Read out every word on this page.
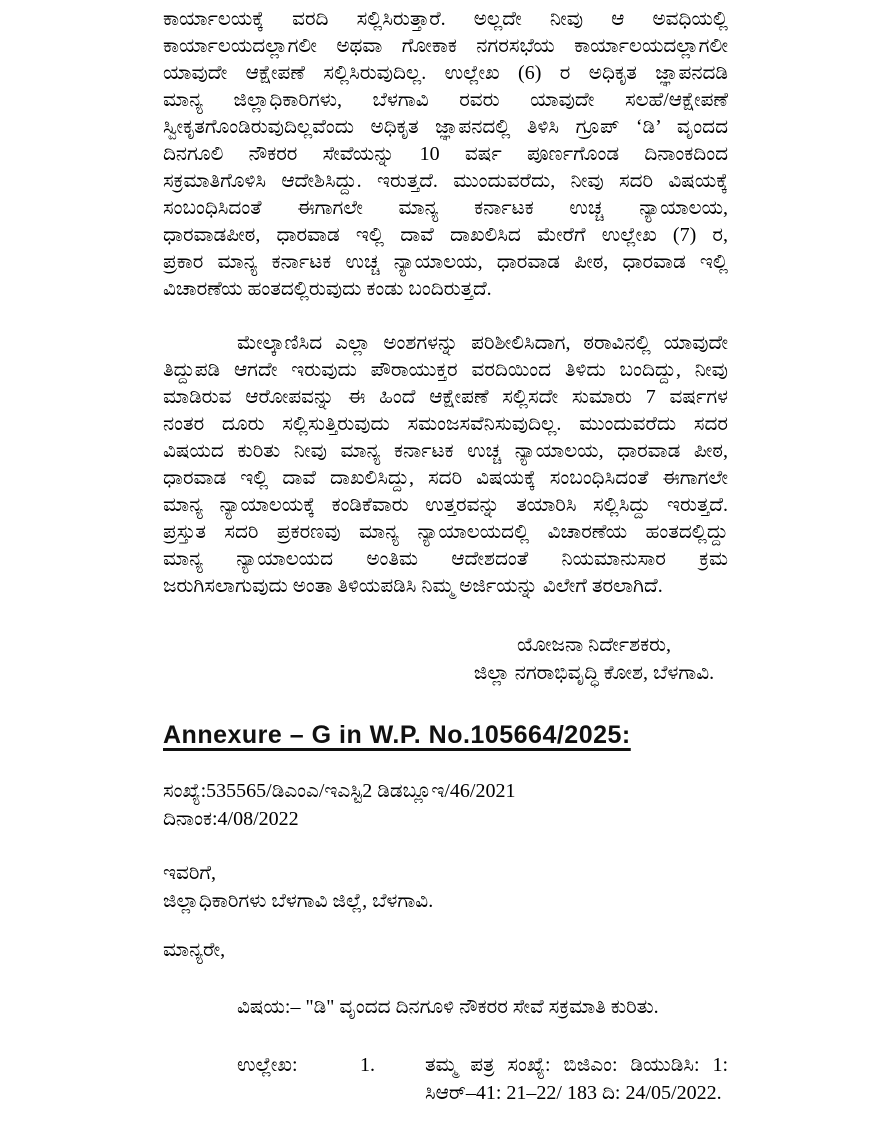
ಕಾರ್ಯಾಲಯಕ್ಕೆ ವರದಿ ಸಲ್ಲಿಸಿರುತ್ತಾರೆ. ಅಲ್ಲದೇ ನೀವು ಆ ಅವಧಿಯಲ್ಲಿ
ಕಾರ್ಯಾಲಯದಲ್ಲಾಗಲೀ ಅಥವಾ ಗೋಕಾಕ ನಗರಸಭೆಯ ಕಾರ್ಯಾಲಯದಲ್ಲಾಗಲೀ
ಯಾವುದೇ ಆಕ್ಷೇಪಣೆ ಸಲ್ಲಿಸಿರುವುದಿಲ್ಲ. ಉಲ್ಲೇಖ (6) ರ ಅಧಿಕೃತ ಜ್ಞಾಪನದಡಿ
ಮಾನ್ಯ ಜಿಲ್ಲಾಧಿಕಾರಿಗಳು, ಬೆಳಗಾವಿ ರವರು ಯಾವುದೇ ಸಲಹೆ/ಆಕ್ಷೇಪಣೆ
ಸ್ವೀಕೃತಗೊಂಡಿರುವುದಿಲ್ಲವೆಂದು ಅಧಿಕೃತ ಜ್ಞಾಪನದಲ್ಲಿ ತಿಳಿಸಿ ಗ್ರೂಪ್ ‘ಡಿ’ ವೃಂದದ
ದಿನಗೂಲಿ ನೌಕರರ ಸೇವೆಯನ್ನು 10 ವರ್ಷ ಪೂರ್ಣಗೊಂಡ ದಿನಾಂಕದಿಂದ
ಸಕ್ರಮಾತಿಗೊಳಿಸಿ ಆದೇಶಿಸಿದ್ದು. ಇರುತ್ತದೆ. ಮುಂದುವರೆದು, ನೀವು ಸದರಿ ವಿಷಯಕ್ಕೆ
ಸಂಬಂಧಿಸಿದಂತೆ ಈಗಾಗಲೇ ಮಾನ್ಯ ಕರ್ನಾಟಕ ಉಚ್ಚ ನ್ಯಾಯಾಲಯ,
ಧಾರವಾಡಪೀಠ, ಧಾರವಾಡ ಇಲ್ಲಿ ದಾವೆ ದಾಖಲಿಸಿದ ಮೇರೆಗೆ ಉಲ್ಲೇಖ (7) ರ,
ಪ್ರಕಾರ ಮಾನ್ಯ ಕರ್ನಾಟಕ ಉಚ್ಚ ನ್ಯಾಯಾಲಯ, ಧಾರವಾಡ ಪೀಠ, ಧಾರವಾಡ ಇಲ್ಲಿ
ವಿಚಾರಣೆಯ ಹಂತದಲ್ಲಿರುವುದು ಕಂಡು ಬಂದಿರುತ್ತದೆ.
ಮೇಲ್ಕಾಣಿಸಿದ ಎಲ್ಲಾ ಅಂಶಗಳನ್ನು ಪರಿಶೀಲಿಸಿದಾಗ, ಠರಾವಿನಲ್ಲಿ ಯಾವುದೇ
ತಿದ್ದುಪಡಿ ಆಗದೇ ಇರುವುದು ಪೌರಾಯುಕ್ತರ ವರದಿಯಿಂದ ತಿಳಿದು ಬಂದಿದ್ದು, ನೀವು
ಮಾಡಿರುವ ಆರೋಪವನ್ನು ಈ ಹಿಂದೆ ಆಕ್ಷೇಪಣೆ ಸಲ್ಲಿಸದೇ ಸುಮಾರು 7 ವರ್ಷಗಳ
ನಂತರ ದೂರು ಸಲ್ಲಿಸುತ್ತಿರುವುದು ಸಮಂಜಸವೆನಿಸುವುದಿಲ್ಲ. ಮುಂದುವರೆದು ಸದರ
ವಿಷಯದ ಕುರಿತು ನೀವು ಮಾನ್ಯ ಕರ್ನಾಟಕ ಉಚ್ಚ ನ್ಯಾಯಾಲಯ, ಧಾರವಾಡ ಪೀಠ,
ಧಾರವಾಡ ಇಲ್ಲಿ ದಾವೆ ದಾಖಲಿಸಿದ್ದು, ಸದರಿ ವಿಷಯಕ್ಕೆ ಸಂಬಂಧಿಸಿದಂತೆ ಈಗಾಗಲೇ
ಮಾನ್ಯ ನ್ಯಾಯಾಲಯಕ್ಕೆ ಕಂಡಿಕೆವಾರು ಉತ್ತರವನ್ನು ತಯಾರಿಸಿ ಸಲ್ಲಿಸಿದ್ದು ಇರುತ್ತದೆ.
ಪ್ರಸ್ತುತ ಸದರಿ ಪ್ರಕರಣವು ಮಾನ್ಯ ನ್ಯಾಯಾಲಯದಲ್ಲಿ ವಿಚಾರಣೆಯ ಹಂತದಲ್ಲಿದ್ದು
ಮಾನ್ಯ ನ್ಯಾಯಾಲಯದ ಅಂತಿಮ ಆದೇಶದಂತೆ ನಿಯಮಾನುಸಾರ ಕ್ರಮ
ಜರುಗಿಸಲಾಗುವುದು ಅಂತಾ ತಿಳಿಯಪಡಿಸಿ ನಿಮ್ಮ ಅರ್ಜಿಯನ್ನು ವಿಲೇಗೆ ತರಲಾಗಿದೆ.
ಯೋಜನಾ ನಿರ್ದೇಶಕರು,
ಜಿಲ್ಲಾ ನಗರಾಭಿವೃದ್ಧಿ ಕೋಶ, ಬೆಳಗಾವಿ.
Annexure – G in W.P. No.105664/2025:
ಸಂಖ್ಯೆ:535565/ಡಿಎಂಎ/ಇಎಸ್ಟಿ2 ಡಿಡಬ್ಲೂಇ/46/2021
ದಿನಾಂಕ:4/08/2022
ಇವರಿಗೆ,
ಜಿಲ್ಲಾಧಿಕಾರಿಗಳು ಬೆಳಗಾವಿ ಜಿಲ್ಲೆ, ಬೆಳಗಾವಿ.
ಮಾನ್ಯರೇ,
ವಿಷಯ:– "ಡಿ" ವೃಂದದ ದಿನಗೂಳಿ ನೌಕರರ ಸೇವೆ ಸಕ್ರಮಾತಿ ಕುರಿತು.
ಉಲ್ಲೇಖ:	1.	ತಮ್ಮ ಪತ್ರ ಸಂಖ್ಯೆ: ಬಿಜಿಎಂ: ಡಿಯುಡಿಸಿ: 1:
ಸಿಆರ್–41: 21–22/ 183 ದಿ: 24/05/2022.
